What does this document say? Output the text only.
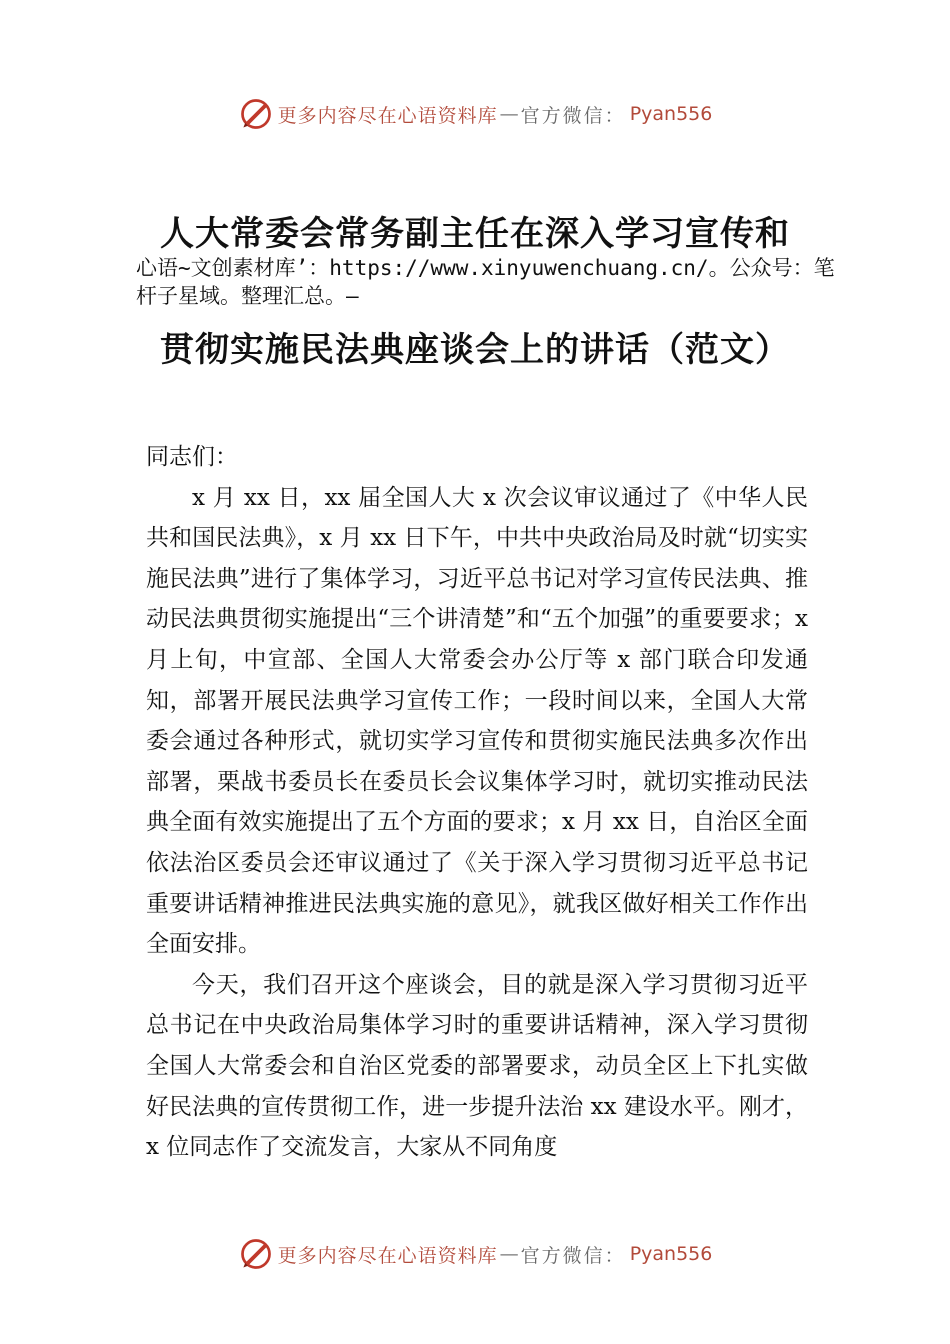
更多内容尽在心语资料库 — 官方微信： Pyan556
人大常委会常务副主任在深入学习宣传和
心语~文创素材库’：https://www.xinyuwenchuang.cn/。公众号：笔杆子星域。整理汇总。—
贯彻实施民法典座谈会上的讲话（范文）

同志们：

x 月 xx 日，xx 届全国人大 x 次会议审议通过了《中华人民共和国民法典》，x 月 xx 日下午，中共中央政治局及时就“切实实施民法典”进行了集体学习，习近平总书记对学习宣传民法典、推动民法典贯彻实施提出“三个讲清楚”和“五个加强”的重要要求；x 月上旬，中宣部、全国人大常委会办公厅等 x 部门联合印发通知，部署开展民法典学习宣传工作；一段时间以来，全国人大常委会通过各种形式，就切实学习宣传和贯彻实施民法典多次作出部署，栗战书委员长在委员长会议集体学习时，就切实推动民法典全面有效实施提出了五个方面的要求；x 月 xx 日，自治区全面依法治区委员会还审议通过了《关于深入学习贯彻习近平总书记重要讲话精神推进民法典实施的意见》，就我区做好相关工作作出全面安排。

今天，我们召开这个座谈会，目的就是深入学习贯彻习近平总书记在中央政治局集体学习时的重要讲话精神，深入学习贯彻全国人大常委会和自治区党委的部署要求，动员全区上下扎实做好民法典的宣传贯彻工作，进一步提升法治 xx 建设水平。刚才，x 位同志作了交流发言，大家从不同角度

更多内容尽在心语资料库 — 官方微信： Pyan556
